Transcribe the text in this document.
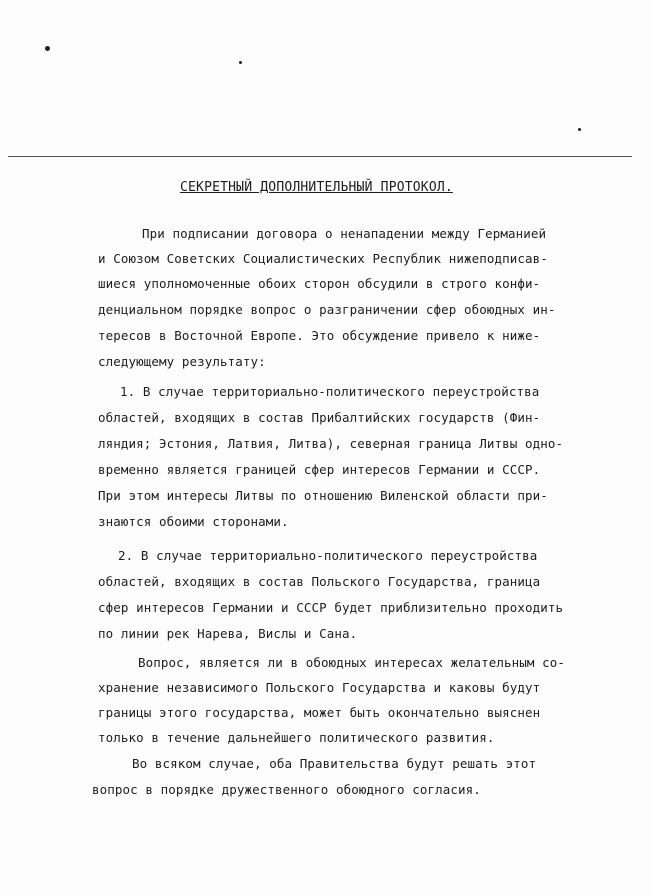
СЕКРЕТНЫЙ ДОПОЛНИТЕЛЬНЫЙ ПРОТОКОЛ.
При подписании договора о ненападении между Германией
и Союзом Советских Социалистических Республик нижеподписав-
шиеся уполномоченные обоих сторон обсудили в строго конфи-
денциальном порядке вопрос о разграничении сфер обоюдных ин-
тересов в Восточной Европе. Это обсуждение привело к ниже-
следующему результату:
1. В случае территориально-политического переустройства
областей, входящих в состав Прибалтийских государств (Фин-
ляндия; Эстония, Латвия, Литва), северная граница Литвы одно-
временно является границей сфер интересов Германии и СССР.
При этом интересы Литвы по отношению Виленской области при-
знаются обоими сторонами.
2. В случае территориально-политического переустройства
областей, входящих в состав Польского Государства, граница
сфер интересов Германии и СССР будет приблизительно проходить
по линии рек Нарева, Вислы и Сана.
Вопрос, является ли в обоюдных интересах желательным со-
хранение независимого Польского Государства и каковы будут
границы этого государства, может быть окончательно выяснен
только в течение дальнейшего политического развития.
Во всяком случае, оба Правительства будут решать этот
вопрос в порядке дружественного обоюдного согласия.
